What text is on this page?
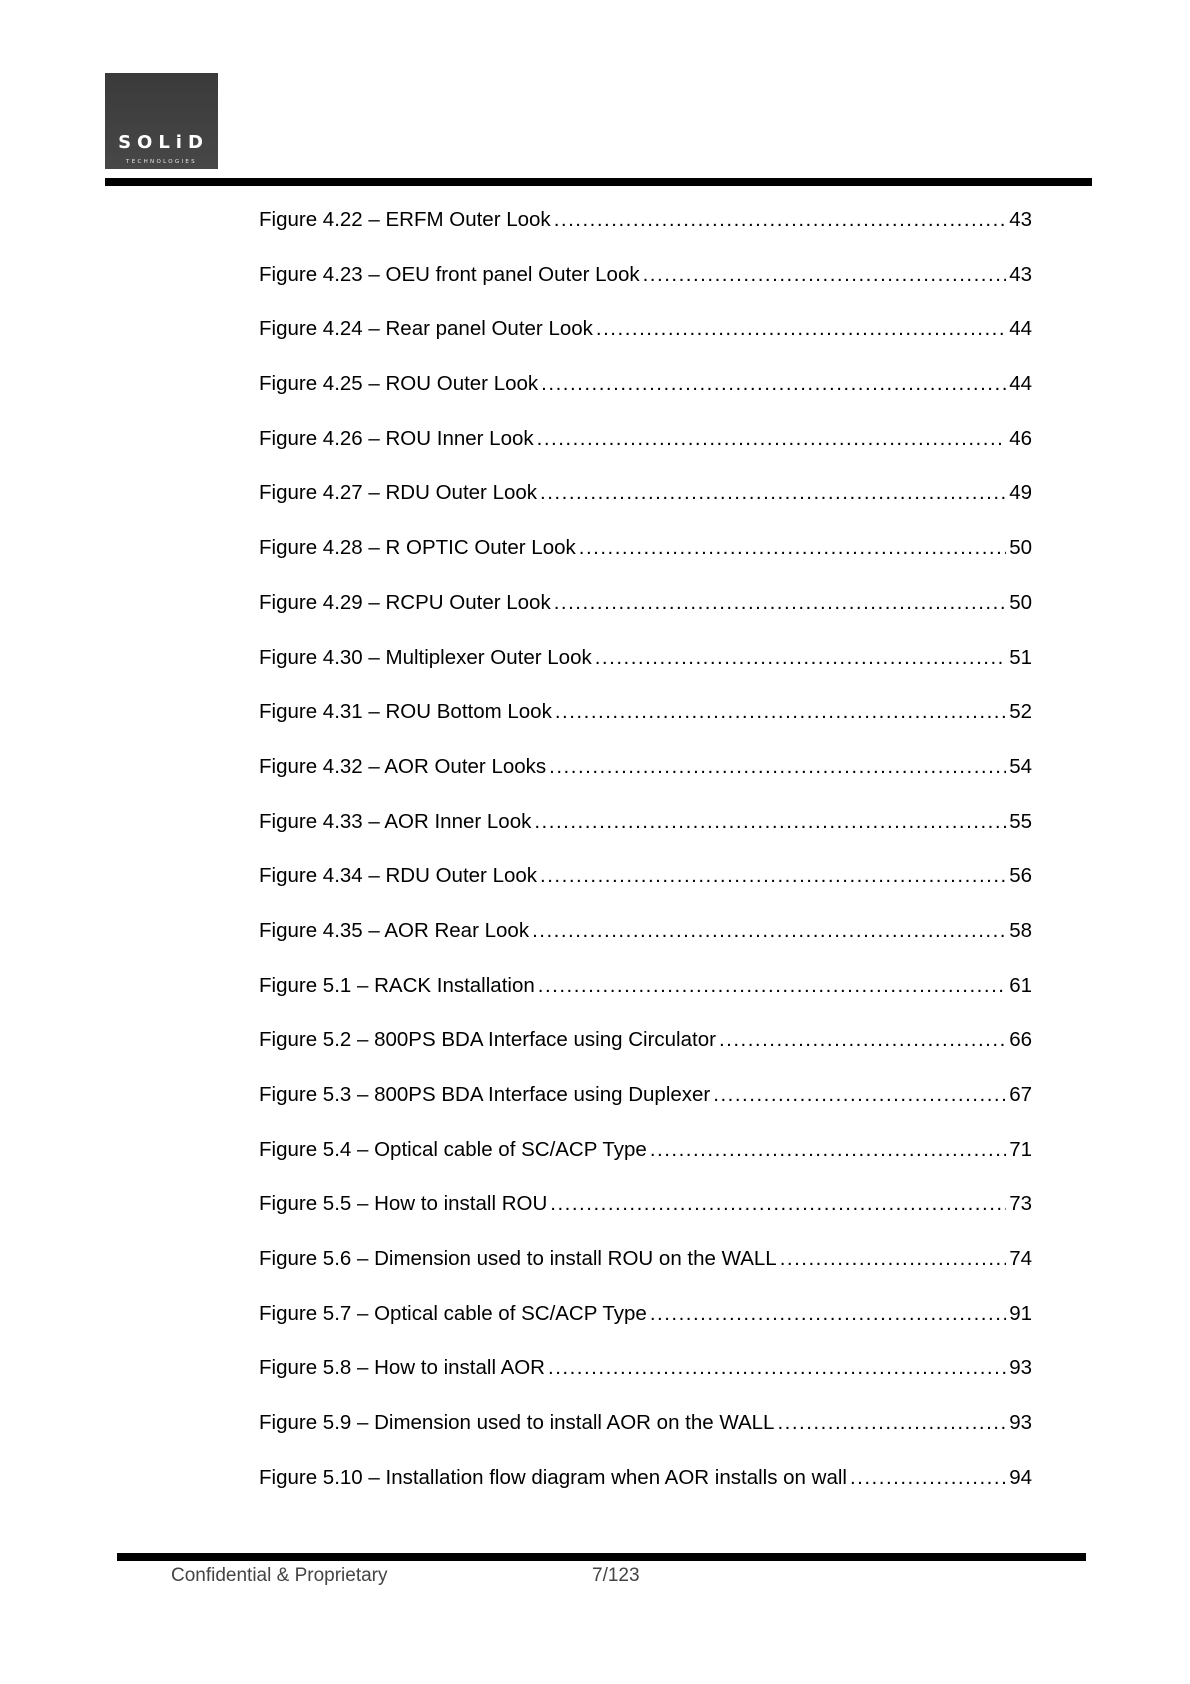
SOLiD
TECHNOLOGIES
Figure 4.22 – ERFM Outer Look .....	43
Figure 4.23 – OEU front panel Outer Look .....	43
Figure 4.24 – Rear panel Outer Look .....	44
Figure 4.25 – ROU Outer Look .....	44
Figure 4.26 – ROU Inner Look .....	46
Figure 4.27 – RDU Outer Look .....	49
Figure 4.28 – R OPTIC Outer Look .....	50
Figure 4.29 – RCPU Outer Look .....	50
Figure 4.30 – Multiplexer Outer Look .....	51
Figure 4.31 – ROU Bottom Look .....	52
Figure 4.32 – AOR Outer Looks .....	54
Figure 4.33 – AOR Inner Look .....	55
Figure 4.34 – RDU Outer Look .....	56
Figure 4.35 – AOR Rear Look .....	58
Figure 5.1 – RACK Installation .....	61
Figure 5.2 – 800PS BDA Interface using Circulator .....	66
Figure 5.3 – 800PS BDA Interface using Duplexer .....	67
Figure 5.4 – Optical cable of SC/ACP Type .....	71
Figure 5.5 – How to install ROU .....	73
Figure 5.6 – Dimension used to install ROU on the WALL .....	74
Figure 5.7 – Optical cable of SC/ACP Type .....	91
Figure 5.8 – How to install AOR .....	93
Figure 5.9 – Dimension used to install AOR on the WALL .....	93
Figure 5.10 – Installation flow diagram when AOR installs on wall .....	94
Confidential & Proprietary	7/123
